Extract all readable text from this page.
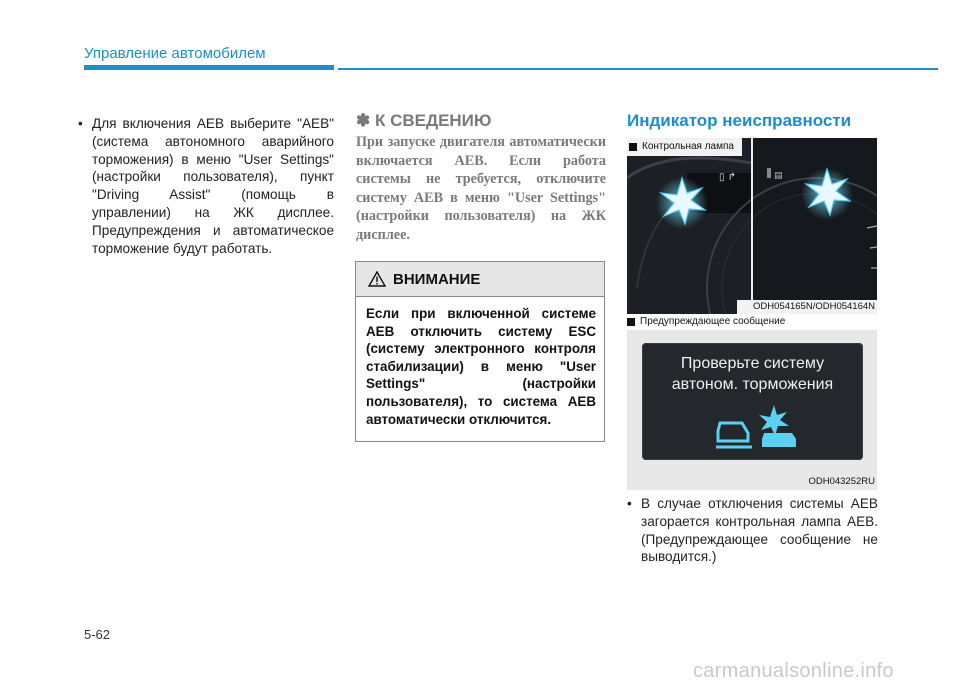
Управление автомобилем
• Для включения AEB выберите "AEB" (система автономного аварийного торможения) в меню "User Settings" (настройки пользователя), пункт "Driving Assist" (помощь в управлении) на ЖК дисплее. Предупреждения и автоматическое торможение будут работать.
✽ К СВЕДЕНИЮ
При запуске двигателя автоматически включается AEB. Если работа системы не требуется, отключите систему AEB в меню "User Settings" (настройки пользователя) на ЖК дисплее.
ВНИМАНИЕ
Если при включенной системе AEB отключить систему ESC (систему электронного контроля стабилизации) в меню "User Settings" (настройки пользователя), то система AEB автоматически отключится.
Индикатор неисправности
▯ ↱	▤
Контрольная лампа
ODH054165N/ODH054164N
Предупреждающее сообщение
Проверьте систему
автоном. торможения
ODH043252RU
• В случае отключения системы AEB загорается контрольная лампа AEB. (Предупреждающее сообщение не выводится.)
5-62
carmanualsonline.info
